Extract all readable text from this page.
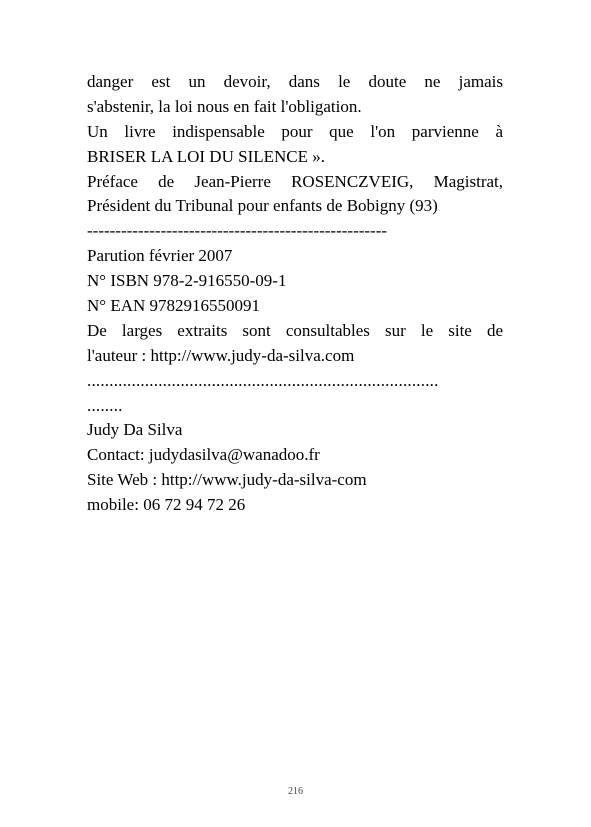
danger est un devoir, dans le doute ne jamais
s'abstenir, la loi nous en fait l'obligation.
Un livre indispensable pour que l'on parvienne à
BRISER LA LOI DU SILENCE ».
Préface de Jean-Pierre ROSENCZVEIG, Magistrat,
Président du Tribunal pour enfants de Bobigny (93)
-----------------------------------------------------
Parution février 2007
N° ISBN 978-2-916550-09-1
N° EAN 9782916550091
De larges extraits sont consultables sur le site de
l'auteur : http://www.judy-da-silva.com
...............................................................................
........
Judy Da Silva
Contact: judydasilva@wanadoo.fr
Site Web : http://www.judy-da-silva-com
mobile: 06 72 94 72 26
216
